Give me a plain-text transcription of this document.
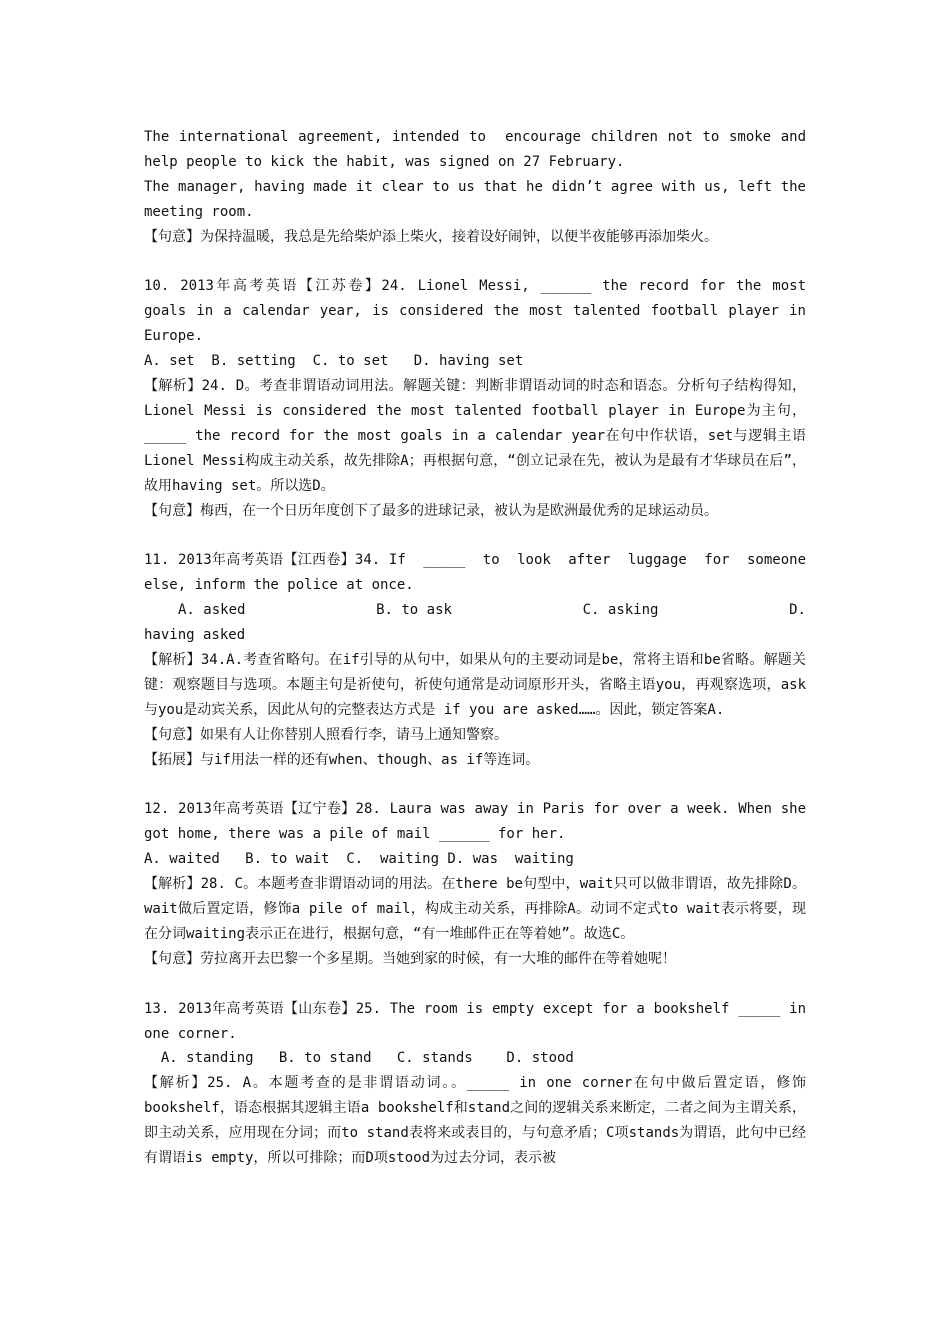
The international agreement, intended to  encourage children not to smoke and help people to kick the habit, was signed on 27 February.
The manager, having made it clear to us that he didn’t agree with us, left the meeting room.
【句意】为保持温暖，我总是先给柴炉添上柴火，接着设好闹钟，以便半夜能够再添加柴火。
10. 2013年高考英语【江苏卷】24. Lionel Messi, ______ the record for the most goals in a calendar year, is considered the most talented football player in Europe.
A. set  B. setting  C. to set   D. having set
【解析】24. D。考查非谓语动词用法。解题关键：判断非谓语动词的时态和语态。分析句子结构得知，Lionel Messi is considered the most talented football player in Europe为主句，_____ the record for the most goals in a calendar year在句中作状语，set与逻辑主语Lionel Messi构成主动关系，故先排除A；再根据句意，“创立记录在先，被认为是最有才华球员在后”，故用having set。所以选D。
【句意】梅西，在一个日历年度创下了最多的进球记录，被认为是欧洲最优秀的足球运动员。
11. 2013年高考英语【江西卷】34. If  _____  to  look  after  luggage  for  someone else, inform the police at once.
A. asked	B. to ask	C. asking	D.
having asked
【解析】34.A.考查省略句。在if引导的从句中，如果从句的主要动词是be，常将主语和be省略。解题关键：观察题目与选项。本题主句是祈使句，祈使句通常是动词原形开头，省略主语you，再观察选项，ask与you是动宾关系，因此从句的完整表达方式是 if you are asked……。因此，锁定答案A.
【句意】如果有人让你替别人照看行李，请马上通知警察。
【拓展】与if用法一样的还有when、though、as if等连词。
12. 2013年高考英语【辽宁卷】28. Laura was away in Paris for over a week. When she got home, there was a pile of mail ______ for her.
A. waited   B. to wait  C.  waiting D. was  waiting
【解析】28. C。本题考查非谓语动词的用法。在there be句型中，wait只可以做非谓语，故先排除D。wait做后置定语，修饰a pile of mail，构成主动关系，再排除A。动词不定式to wait表示将要，现在分词waiting表示正在进行，根据句意，“有一堆邮件正在等着她”。故选C。
【句意】劳拉离开去巴黎一个多星期。当她到家的时候，有一大堆的邮件在等着她呢！
13. 2013年高考英语【山东卷】25. The room is empty except for a bookshelf _____ in one corner.
A. standing   B. to stand   C. stands    D. stood
【解析】25. A。本题考查的是非谓语动词。。_____ in one corner在句中做后置定语，修饰bookshelf，语态根据其逻辑主语a bookshelf和stand之间的逻辑关系来断定，二者之间为主谓关系，即主动关系，应用现在分词；而to stand表将来或表目的，与句意矛盾；C项stands为谓语，此句中已经有谓语is empty，所以可排除；而D项stood为过去分词，表示被
